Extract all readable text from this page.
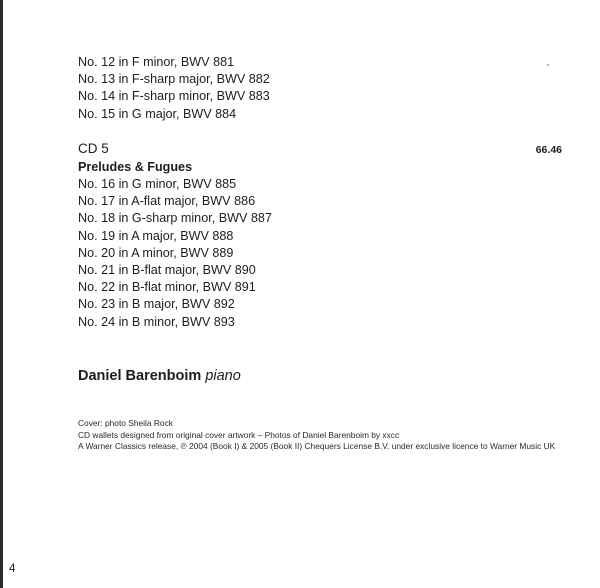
No. 12 in F minor, BWV 881
No. 13 in F-sharp major, BWV 882
No. 14 in F-sharp minor, BWV 883
No. 15 in G major, BWV 884
CD 5	66.46
Preludes & Fugues
No. 16 in G minor, BWV 885
No. 17 in A-flat major, BWV 886
No. 18 in G-sharp minor, BWV 887
No. 19 in A major, BWV 888
No. 20 in A minor, BWV 889
No. 21 in B-flat major, BWV 890
No. 22 in B-flat minor, BWV 891
No. 23 in B major, BWV 892
No. 24 in B minor, BWV 893
Daniel Barenboim piano
Cover: photo Sheila Rock
CD wallets designed from original cover artwork – Photos of Daniel Barenboim by xxcc
A Warner Classics release, ℗ 2004 (Book I) & 2005 (Book II) Chequers License B.V. under exclusive licence to Warner Music UK
4
